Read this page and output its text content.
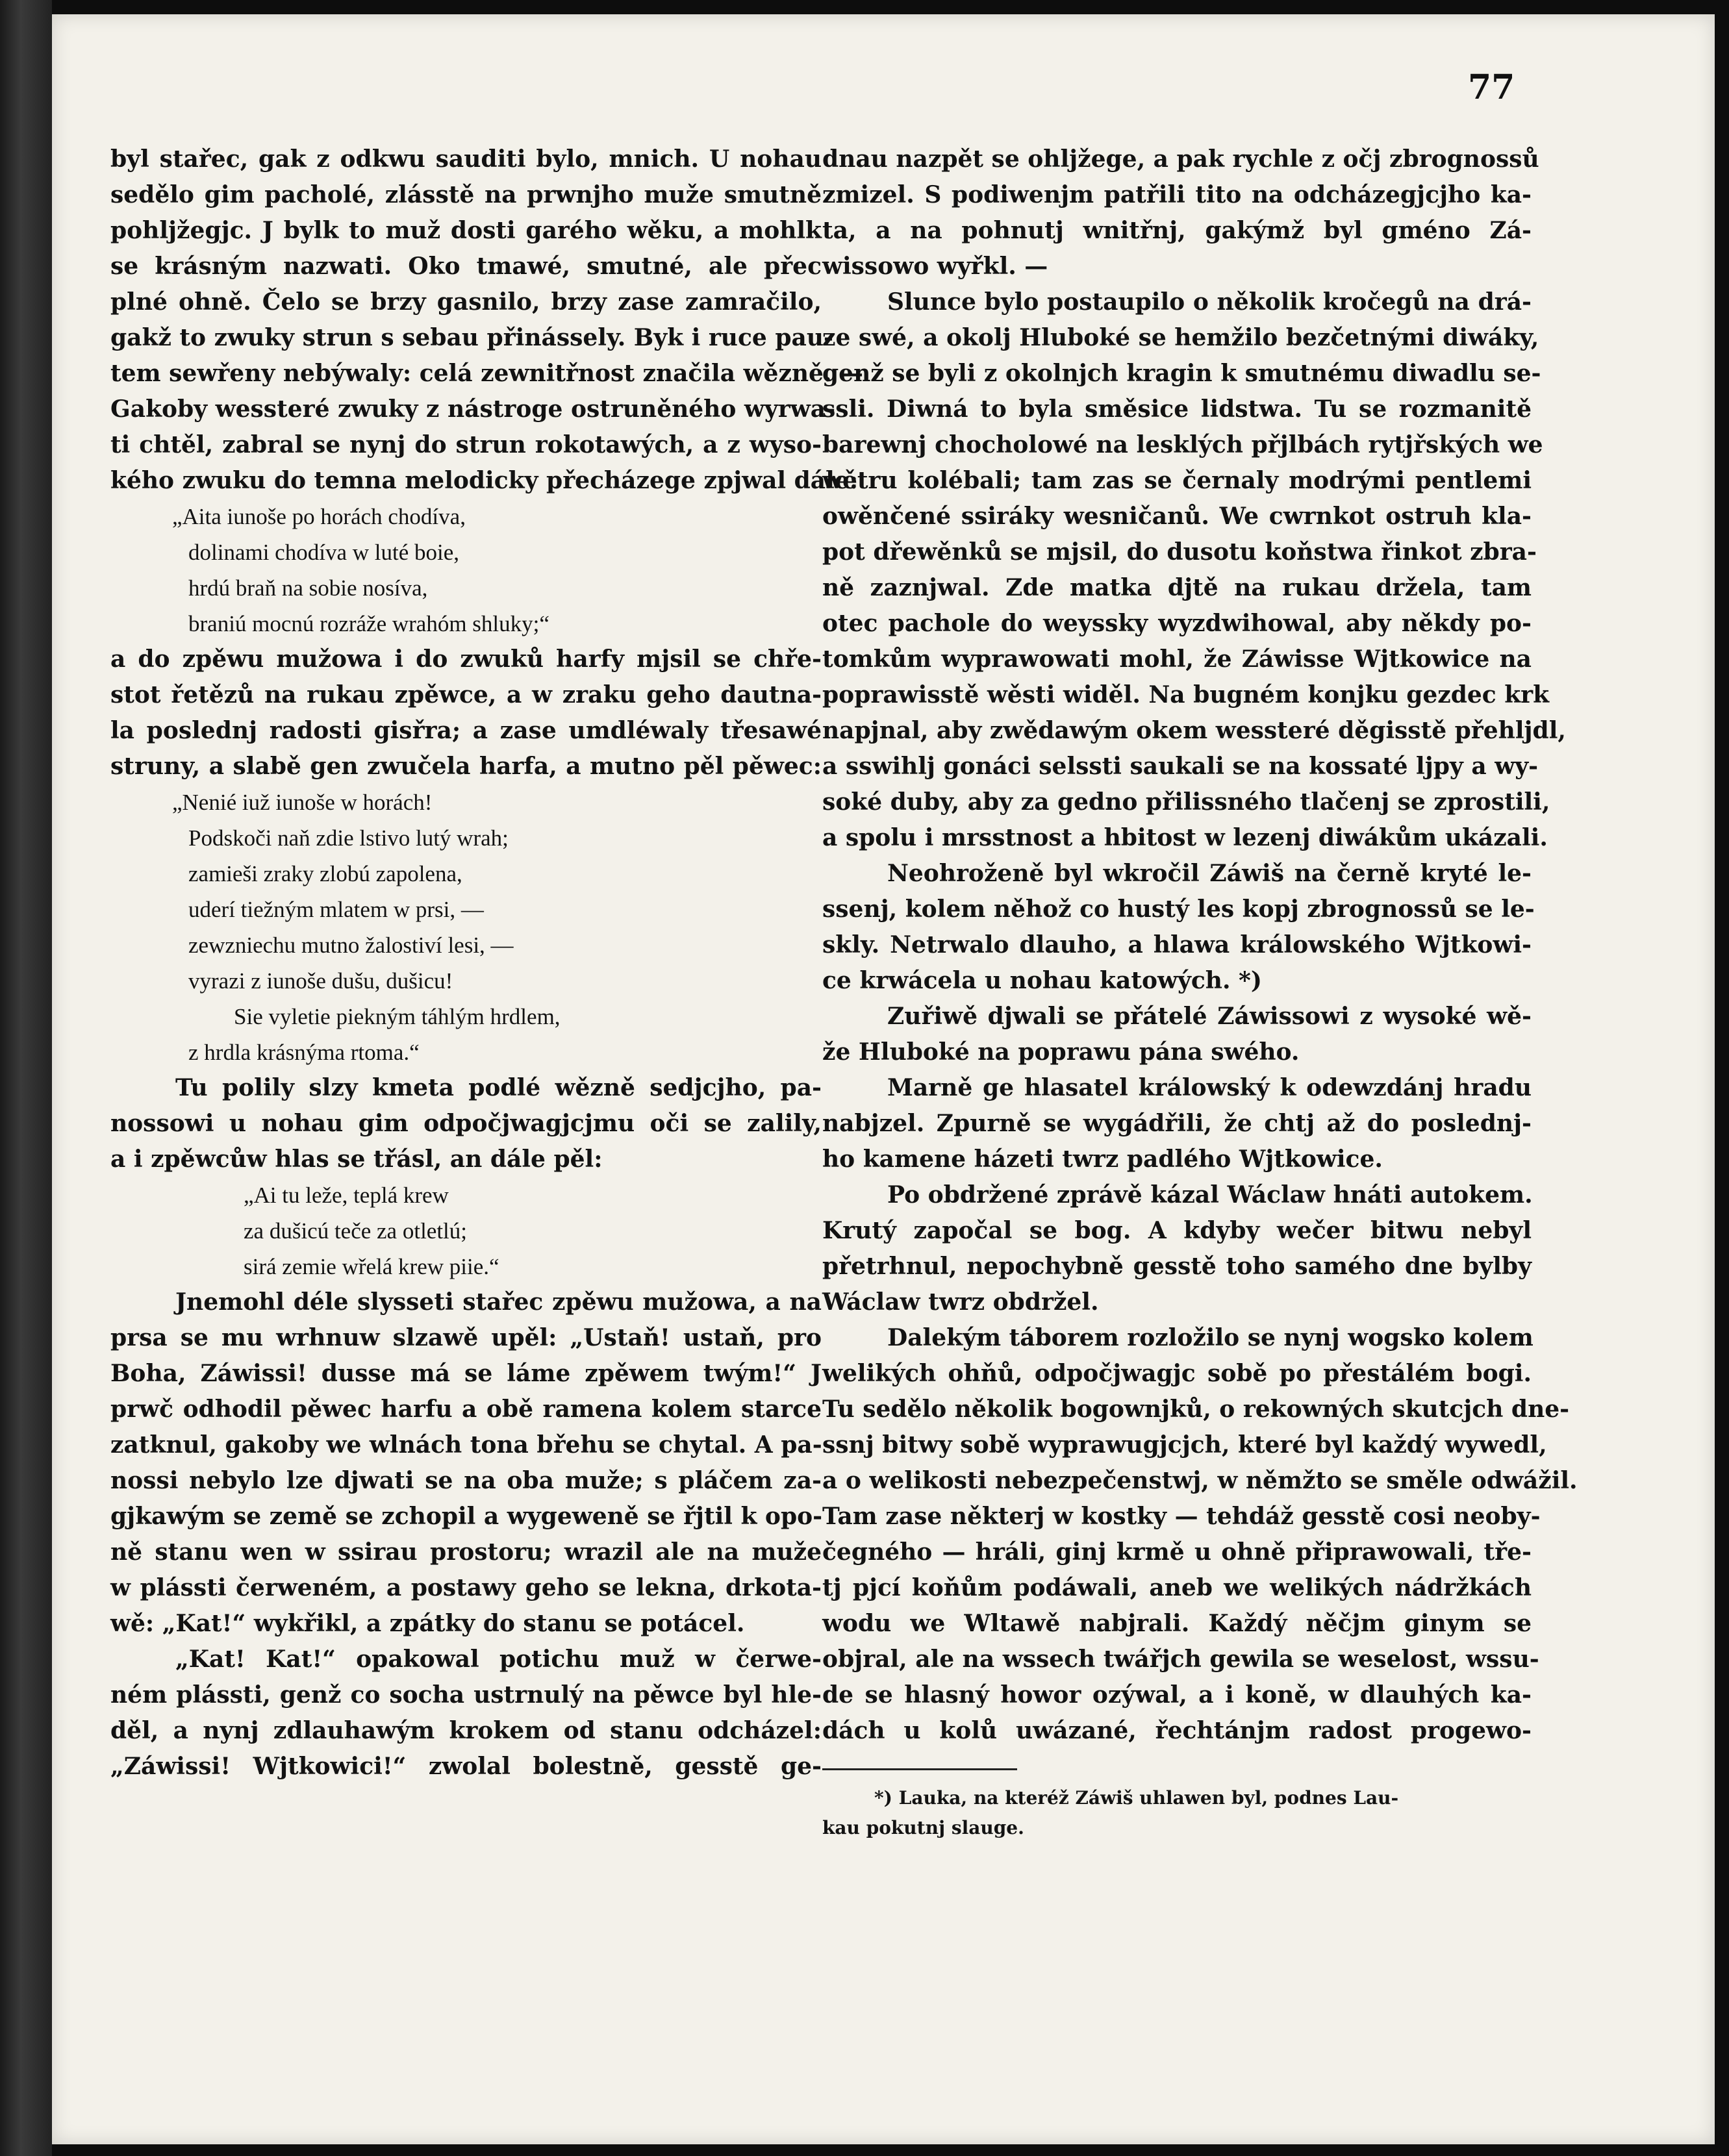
77
byl stařec, gak z odkwu sauditi bylo, mnich. U nohau
sedělo gim pacholé, zlásstě na prwnjho muže smutně
pohljžegjc. J bylk to muž dosti garého wěku, a mohlk
se krásným nazwati. Oko tmawé, smutné, ale přec
plné ohně. Čelo se brzy gasnilo, brzy zase zamračilo,
gakž to zwuky strun s sebau přinássely. Byk i ruce pau-
tem sewřeny nebýwaly: celá zewnitřnost značila wězně. —
Gakoby wessteré zwuky z nástroge ostruněného wyrwa-
ti chtěl, zabral se nynj do strun rokotawých, a z wyso-
kého zwuku do temna melodicky přecházege zpjwal dále:
„Aita iunoše po horách chodíva,
dolinami chodíva w luté boie,
hrdú braň na sobie nosíva,
braniú mocnú rozráže wrahóm shluky;“
a do zpěwu mužowa i do zwuků harfy mjsil se chře-
stot řetězů na rukau zpěwce, a w zraku geho dautna-
la poslednj radosti gisřra; a zase umdléwaly třesawé
struny, a slabě gen zwučela harfa, a mutno pěl pěwec:
„Nenié iuž iunoše w horách!
Podskoči naň zdie lstivo lutý wrah;
zamieši zraky zlobú zapolena,
uderí tiežným mlatem w prsi, —
zewzniechu mutno žalostiví lesi, —
vyrazi z iunoše dušu, dušicu!
Sie vyletie piekným táhlým hrdlem,
z hrdla krásnýma rtoma.“
Tu polily slzy kmeta podlé wězně sedjcjho, pa-
nossowi u nohau gim odpočjwagjcjmu oči se zalily,
a i zpěwcůw hlas se třásl, an dále pěl:
„Ai tu leže, teplá krew
za dušicú teče za otletlú;
sirá zemie wřelá krew piie.“
Jnemohl déle slysseti stařec zpěwu mužowa, a na
prsa se mu wrhnuw slzawě upěl: „Ustaň! ustaň, pro
Boha, Záwissi! dusse má se láme zpěwem twým!“ J
prwč odhodil pěwec harfu a obě ramena kolem starce
zatknul, gakoby we wlnách tona břehu se chytal. A pa-
nossi nebylo lze djwati se na oba muže; s pláčem za-
gjkawým se země se zchopil a wygeweně se řjtil k opo-
ně stanu wen w ssirau prostoru; wrazil ale na muže
w plássti čerweném, a postawy geho se lekna, drkota-
wě: „Kat!“ wykřikl, a zpátky do stanu se potácel.
„Kat! Kat!“ opakowal potichu muž w čerwe-
ném plássti, genž co socha ustrnulý na pěwce byl hle-
děl, a nynj zdlauhawým krokem od stanu odcházel:
„Záwissi! Wjtkowici!“ zwolal bolestně, gesstě ge-
dnau nazpět se ohljžege, a pak rychle z očj zbrognossů
zmizel. S podiwenjm patřili tito na odcházegjcjho ka-
ta, a na pohnutj wnitřnj, gakýmž byl gméno Zá-
wissowo wyřkl. —
Slunce bylo postaupilo o několik kročegů na drá-
ze swé, a okolj Hluboké se hemžilo bezčetnými diwáky,
genž se byli z okolnjch kragin k smutnému diwadlu se-
ssli. Diwná to byla směsice lidstwa. Tu se rozmanitě
barewnj chocholowé na lesklých přjlbách rytjřských we
wětru kolébali; tam zas se černaly modrými pentlemi
owěnčené ssiráky wesničanů. We cwrnkot ostruh kla-
pot dřewěnků se mjsil, do dusotu koňstwa řinkot zbra-
ně zaznjwal. Zde matka djtě na rukau držela, tam
otec pachole do weyssky wyzdwihowal, aby někdy po-
tomkům wyprawowati mohl, že Záwisse Wjtkowice na
poprawisstě wěsti widěl. Na bugném konjku gezdec krk
napjnal, aby zwědawým okem wessteré děgisstě přehljdl,
a sswihlj gonáci selssti saukali se na kossaté ljpy a wy-
soké duby, aby za gedno přilissného tlačenj se zprostili,
a spolu i mrsstnost a hbitost w lezenj diwákům ukázali.
Neohroženě byl wkročil Záwiš na černě kryté le-
ssenj, kolem něhož co hustý les kopj zbrognossů se le-
skly. Netrwalo dlauho, a hlawa králowského Wjtkowi-
ce krwácela u nohau katowých. *)
Zuřiwě djwali se přátelé Záwissowi z wysoké wě-
že Hluboké na poprawu pána swého.
Marně ge hlasatel králowský k odewzdánj hradu
nabjzel. Zpurně se wygádřili, že chtj až do poslednj-
ho kamene házeti twrz padlého Wjtkowice.
Po obdržené zprávě kázal Wáclaw hnáti autokem.
Krutý započal se bog. A kdyby wečer bitwu nebyl
přetrhnul, nepochybně gesstě toho samého dne bylby
Wáclaw twrz obdržel.
Dalekým táborem rozložilo se nynj wogsko kolem
welikých ohňů, odpočjwagjc sobě po přestálém bogi.
Tu sedělo několik bogownjků, o rekowných skutcjch dne-
ssnj bitwy sobě wyprawugjcjch, které byl každý wywedl,
a o welikosti nebezpečenstwj, w němžto se směle odwážil.
Tam zase některj w kostky — tehdáž gesstě cosi neoby-
čegného — hráli, ginj krmě u ohně připrawowali, tře-
tj pjcí koňům podáwali, aneb we welikých nádržkách
wodu we Wltawě nabjrali. Každý něčjm ginym se
objral, ale na wssech twářjch gewila se weselost, wssu-
de se hlasný howor ozýwal, a i koně, w dlauhých ka-
dách u kolů uwázané, řechtánjm radost progewo-
*) Lauka, na kteréž Záwiš uhlawen byl, podnes Lau-
kau pokutnj slauge.
